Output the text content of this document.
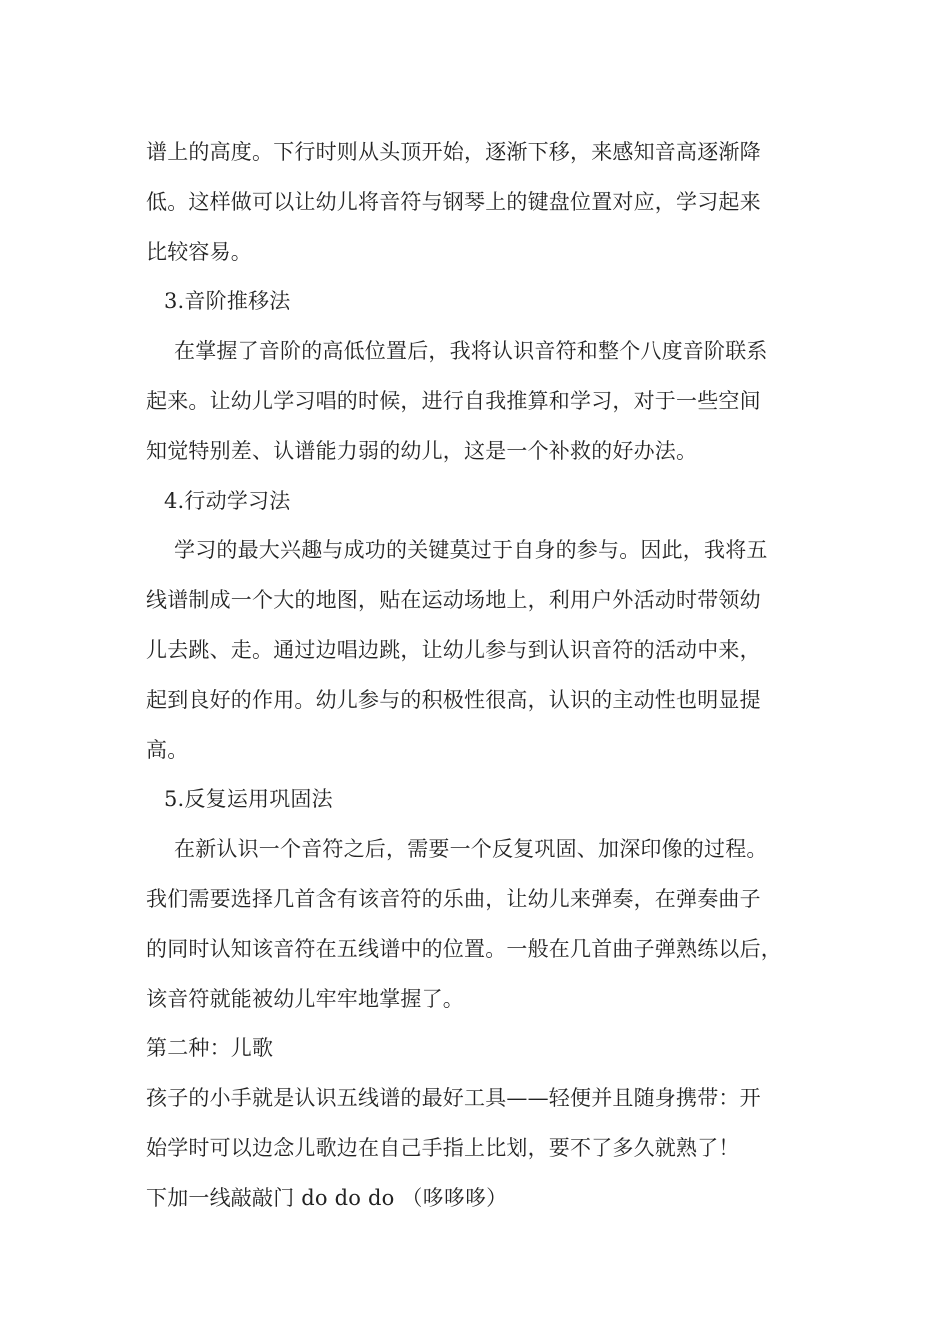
谱上的高度。下行时则从头顶开始，逐渐下移，来感知音高逐渐降
低。这样做可以让幼儿将音符与钢琴上的键盘位置对应，学习起来
比较容易。
3.音阶推移法
在掌握了音阶的高低位置后，我将认识音符和整个八度音阶联系
起来。让幼儿学习唱的时候，进行自我推算和学习，对于一些空间
知觉特别差、认谱能力弱的幼儿，这是一个补救的好办法。
4.行动学习法
学习的最大兴趣与成功的关键莫过于自身的参与。因此，我将五
线谱制成一个大的地图，贴在运动场地上，利用户外活动时带领幼
儿去跳、走。通过边唱边跳，让幼儿参与到认识音符的活动中来，
起到良好的作用。幼儿参与的积极性很高，认识的主动性也明显提
高。
5.反复运用巩固法
在新认识一个音符之后，需要一个反复巩固、加深印像的过程。
我们需要选择几首含有该音符的乐曲，让幼儿来弹奏，在弹奏曲子
的同时认知该音符在五线谱中的位置。一般在几首曲子弹熟练以后，
该音符就能被幼儿牢牢地掌握了。
第二种：儿歌
孩子的小手就是认识五线谱的最好工具——轻便并且随身携带：开
始学时可以边念儿歌边在自己手指上比划，要不了多久就熟了！
下加一线敲敲门 do do do （哆哆哆）
